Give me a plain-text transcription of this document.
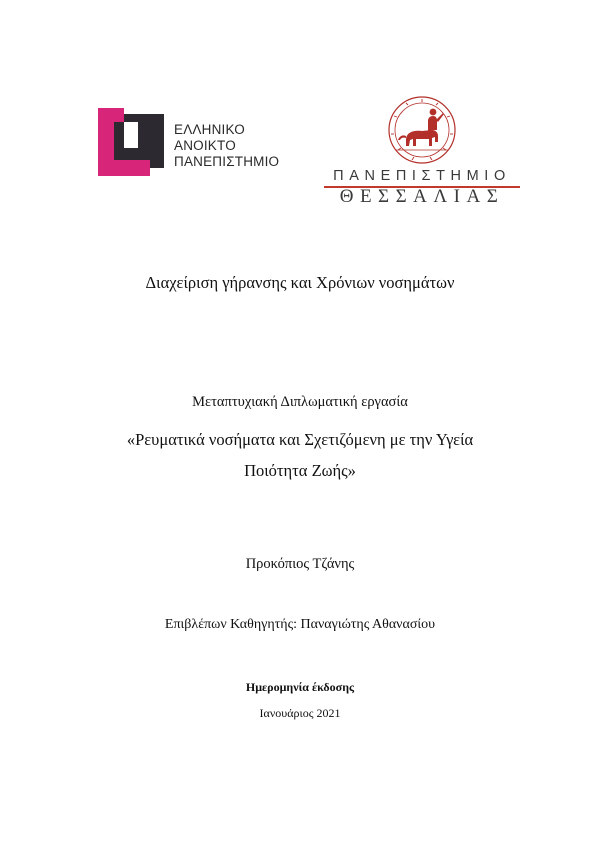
ΕΛΛΗΝΙΚΟ
ΑΝΟΙΚΤΟ
ΠΑΝΕΠΙΣΤΗΜΙΟ
ΠΑΝΕΠΙΣΤΗΜΙΟ
ΘΕΣΣΑΛΙΑΣ
Διαχείριση γήρανσης και Χρόνιων νοσημάτων
Μεταπτυχιακή Διπλωματική εργασία
«Ρευματικά νοσήματα και Σχετιζόμενη με την Υγεία
Ποιότητα Ζωής»
Προκόπιος Τζάνης
Επιβλέπων Καθηγητής: Παναγιώτης Αθανασίου
Ημερομηνία έκδοσης
Ιανουάριος 2021
